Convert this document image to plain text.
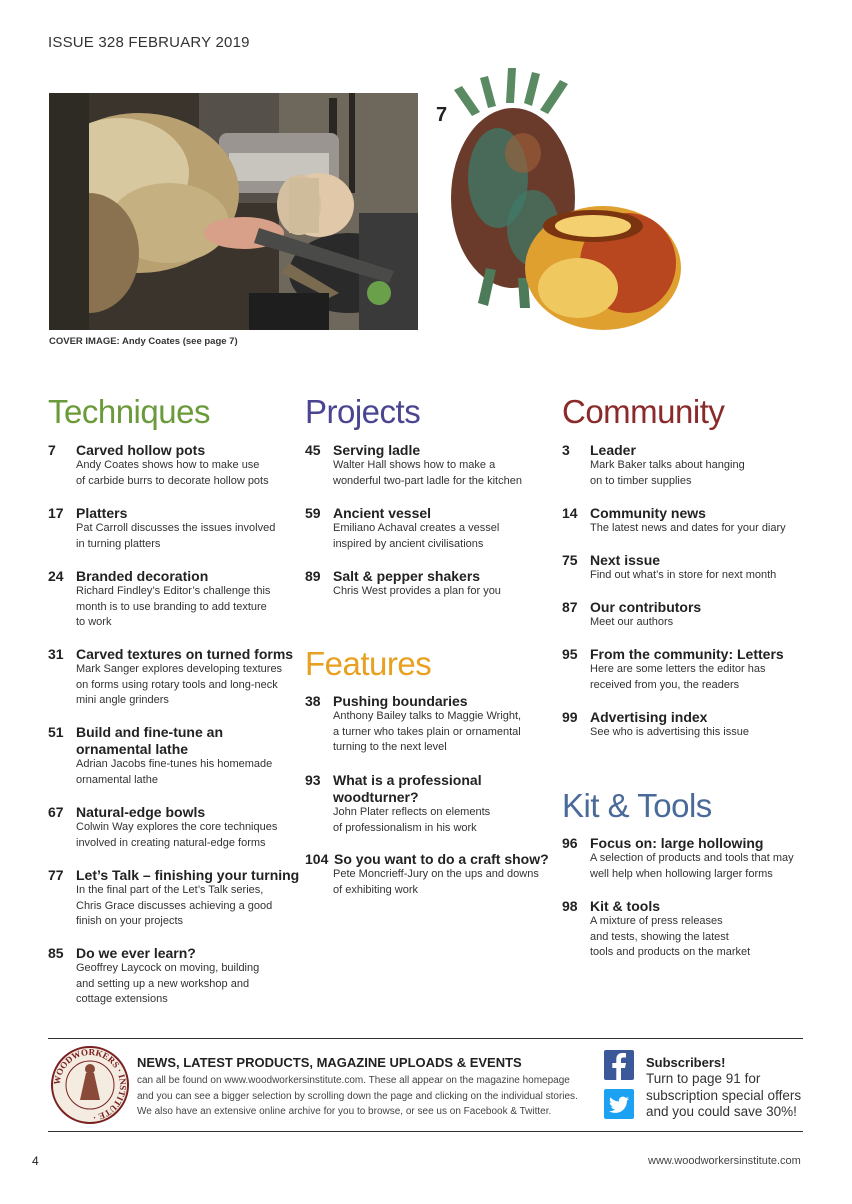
ISSUE 328 FEBRUARY 2019
7
COVER IMAGE: Andy Coates (see page 7)
Techniques
7 Carved hollow pots
Andy Coates shows how to make use
of carbide burrs to decorate hollow pots
17 Platters
Pat Carroll discusses the issues involved
in turning platters
24 Branded decoration
Richard Findley’s Editor’s challenge this
month is to use branding to add texture
to work
31 Carved textures on turned forms
Mark Sanger explores developing textures
on forms using rotary tools and long-neck
mini angle grinders
51 Build and fine-tune an ornamental lathe
Adrian Jacobs fine-tunes his homemade
ornamental lathe
67 Natural-edge bowls
Colwin Way explores the core techniques
involved in creating natural-edge forms
77 Let’s Talk – finishing your turning
In the final part of the Let’s Talk series,
Chris Grace discusses achieving a good
finish on your projects
85 Do we ever learn?
Geoffrey Laycock on moving, building
and setting up a new workshop and
cottage extensions
Projects
45 Serving ladle
Walter Hall shows how to make a
wonderful two-part ladle for the kitchen
59 Ancient vessel
Emiliano Achaval creates a vessel
inspired by ancient civilisations
89 Salt & pepper shakers
Chris West provides a plan for you
Features
38 Pushing boundaries
Anthony Bailey talks to Maggie Wright,
a turner who takes plain or ornamental
turning to the next level
93 What is a professional woodturner?
John Plater reflects on elements
of professionalism in his work
104 So you want to do a craft show?
Pete Moncrieff-Jury on the ups and downs
of exhibiting work
Community
3 Leader
Mark Baker talks about hanging
on to timber supplies
14 Community news
The latest news and dates for your diary
75 Next issue
Find out what’s in store for next month
87 Our contributors
Meet our authors
95 From the community: Letters
Here are some letters the editor has
received from you, the readers
99 Advertising index
See who is advertising this issue
Kit & Tools
96 Focus on: large hollowing
A selection of products and tools that may
well help when hollowing larger forms
98 Kit & tools
A mixture of press releases
and tests, showing the latest
tools and products on the market
WOODWORKERS · INSTITUTE ·
NEWS, LATEST PRODUCTS, MAGAZINE UPLOADS & EVENTS
can all be found on www.woodworkersinstitute.com. These all appear on the magazine homepage
and you can see a bigger selection by scrolling down the page and clicking on the individual stories.
We also have an extensive online archive for you to browse, or see us on Facebook & Twitter.
Subscribers!
Turn to page 91 for
subscription special offers
and you could save 30%!
4	www.woodworkersinstitute.com
